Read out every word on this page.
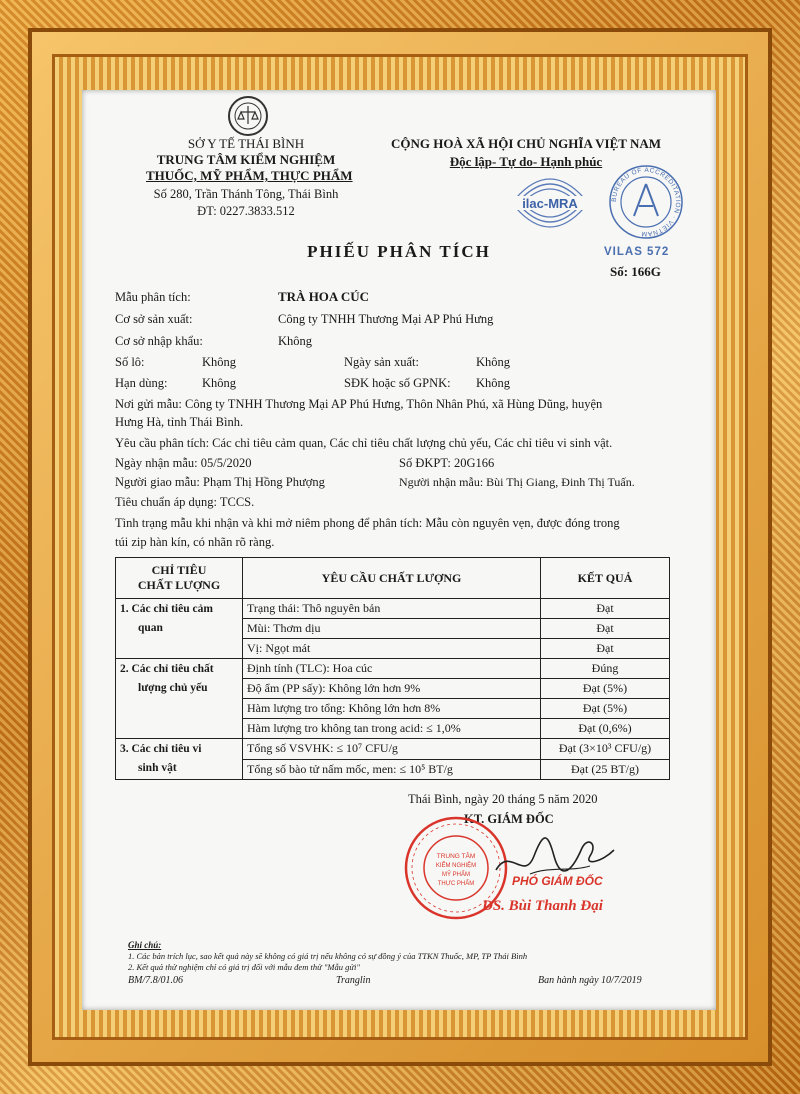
SỞ Y TẾ THÁI BÌNH
TRUNG TÂM KIỂM NGHIỆM
THUỐC, MỸ PHẨM, THỰC PHẨM
Số 280, Trần Thánh Tông, Thái Bình
ĐT: 0227.3833.512
CỘNG HOÀ XÃ HỘI CHỦ NGHĨA VIỆT NAM
Độc lập- Tự do- Hạnh phúc
ilac-MRA	BUREAU OF ACCREDITATION · VIETNAM
VILAS 572
PHIẾU PHÂN TÍCH
Số: 166G
Mẫu phân tích:	TRÀ HOA CÚC
Cơ sở sản xuất:	Công ty TNHH Thương Mại AP Phú Hưng
Cơ sở nhập khẩu:	Không
Số lô:	Không	Ngày sản xuất:	Không
Hạn dùng:	Không	SĐK hoặc số GPNK: Không
Nơi gửi mẫu: Công ty TNHH Thương Mại AP Phú Hưng, Thôn Nhân Phú, xã Hùng Dũng, huyện
Hưng Hà, tỉnh Thái Bình.
Yêu cầu phân tích: Các chỉ tiêu cảm quan, Các chỉ tiêu chất lượng chủ yếu, Các chỉ tiêu vi sinh vật.
Ngày nhận mẫu: 05/5/2020	Số ĐKPT: 20G166
Người giao mẫu: Phạm Thị Hồng Phượng	Người nhận mẫu: Bùi Thị Giang, Đinh Thị Tuấn.
Tiêu chuẩn áp dụng: TCCS.
Tình trạng mẫu khi nhận và khi mở niêm phong để phân tích: Mẫu còn nguyên vẹn, được đóng trong
túi zip hàn kín, có nhãn rõ ràng.
CHỈ TIÊU
CHẤT LƯỢNG	YÊU CẦU CHẤT LƯỢNG	KẾT QUẢ
1. Các chỉ tiêu cảm
quan	Trạng thái: Thô nguyên bản	Đạt
	Mùi: Thơm dịu	Đạt
	Vị: Ngọt mát	Đạt
2. Các chỉ tiêu chất
lượng chủ yếu	Định tính (TLC): Hoa cúc	Đúng
	Độ ẩm (PP sấy): Không lớn hơn 9%	Đạt (5%)
	Hàm lượng tro tổng: Không lớn hơn 8%	Đạt (5%)
	Hàm lượng tro không tan trong acid: ≤ 1,0%	Đạt (0,6%)
3. Các chỉ tiêu vi
sinh vật	Tổng số VSVHK: ≤ 10⁷ CFU/g	Đạt (3×10³ CFU/g)
	Tổng số bào tử nấm mốc, men: ≤ 10⁵ BT/g	Đạt (25 BT/g)
Thái Bình, ngày 20 tháng 5 năm 2020
KT. GIÁM ĐỐC
TRUNG TÂM
KIỂM NGHIỆM
MỸ PHẨM
THỰC PHẨM	PHÓ GIÁM ĐỐC
DS. Bùi Thanh Đại
Ghi chú:
1. Các bản trích lục, sao kết quả này sẽ không có giá trị nếu không có sự đồng ý của TTKN Thuốc, MP, TP Thái Bình
2. Kết quả thử nghiệm chỉ có giá trị đối với mẫu đem thử "Mẫu gửi"
BM/7.8/01.06	Tranglin	Ban hành ngày 10/7/2019
